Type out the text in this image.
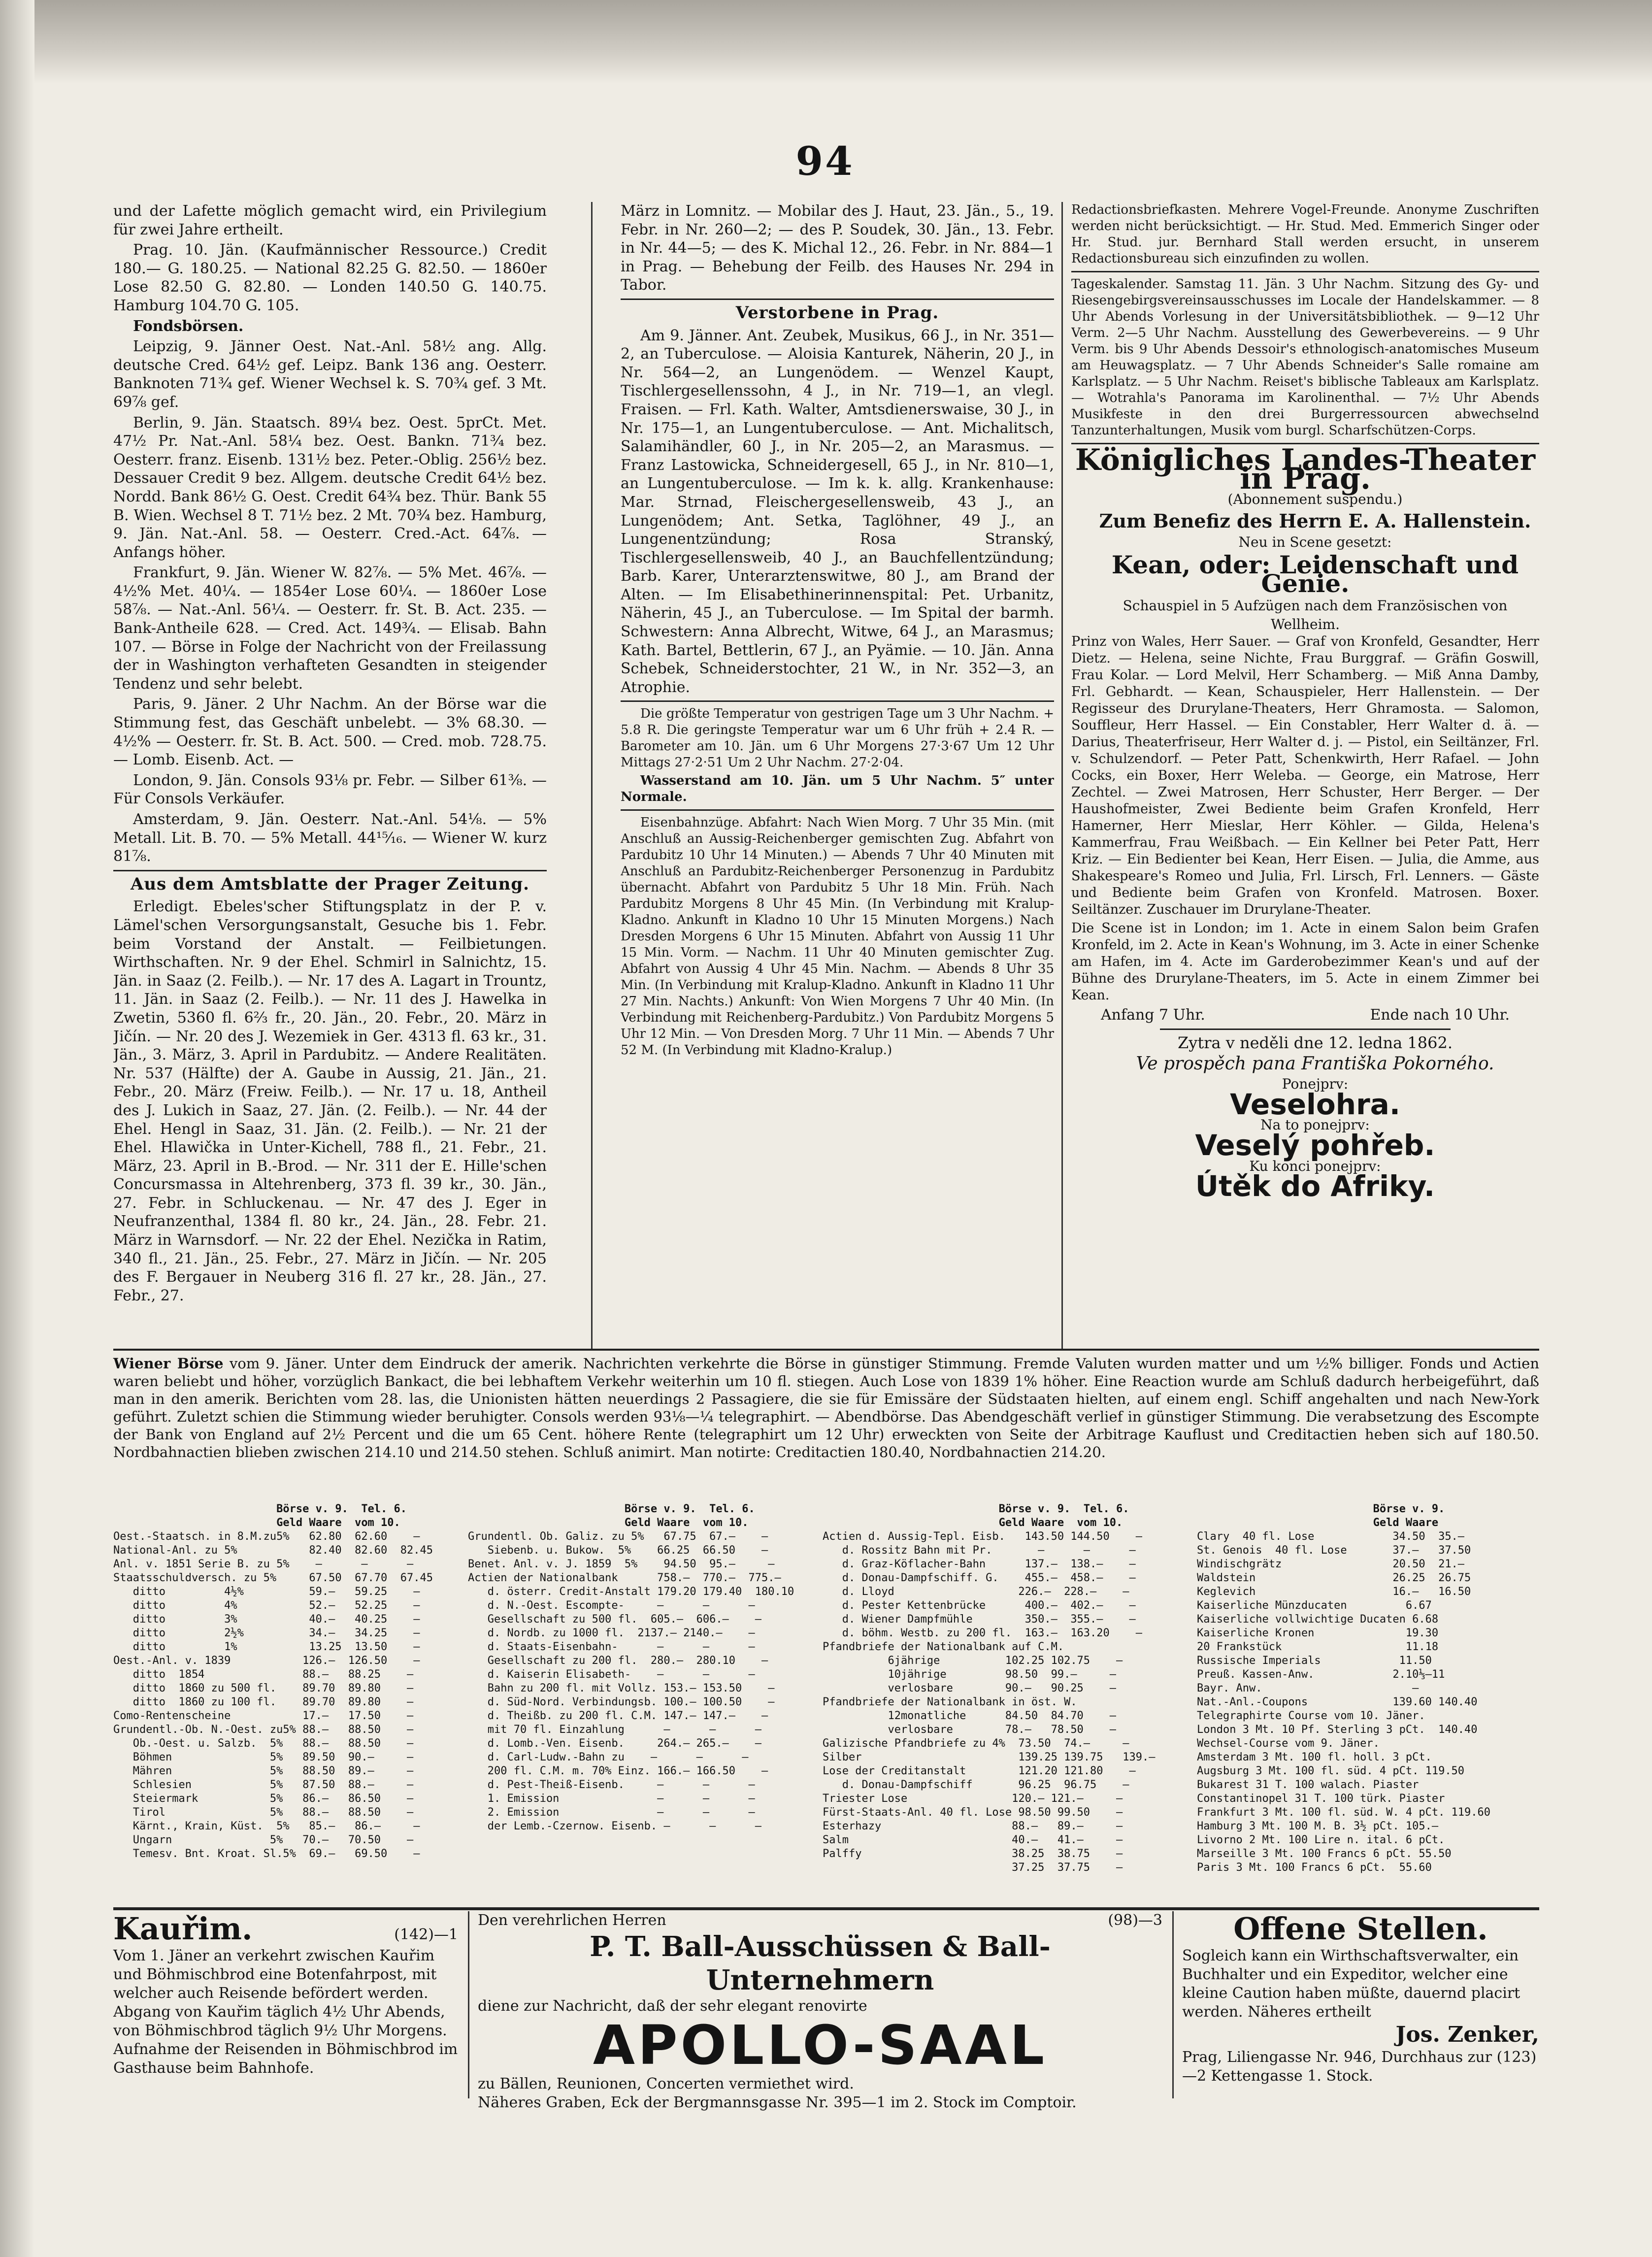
94

und der Lafette möglich gemacht wird, ein Privilegium für zwei Jahre ertheilt.

Prag. 10. Jän. (Kaufmännischer Ressource.) Credit 180.— G. 180.25. — National 82.25 G. 82.50. — 1860er Lose 82.50 G. 82.80. — Londen 140.50 G. 140.75. Hamburg 104.70 G. 105.

Fondsbörsen.

Leipzig, 9. Jänner Oest. Nat.-Anl. 58½ ang. Allg. deutsche Cred. 64½ gef. Leipz. Bank 136 ang. Oesterr. Banknoten 71¾ gef. Wiener Wechsel k. S. 70¾ gef. 3 Mt. 69⅞ gef.

Berlin, 9. Jän. Staatsch. 89¼ bez. Oest. 5prCt. Met. 47½ Pr. Nat.-Anl. 58¼ bez. Oest. Bankn. 71¾ bez. Oesterr. franz. Eisenb. 131½ bez. Peter.-Oblig. 256½ bez. Dessauer Credit 9 bez. Allgem. deutsche Credit 64½ bez. Nordd. Bank 86½ G. Oest. Credit 64¾ bez. Thür. Bank 55 B. Wien. Wechsel 8 T. 71½ bez. 2 Mt. 70¾ bez. Hamburg, 9. Jän. Nat.-Anl. 58. — Oesterr. Cred.-Act. 64⅞. — Anfangs höher.

Frankfurt, 9. Jän. Wiener W. 82⅞. — 5% Met. 46⅞. — 4½% Met. 40¼. — 1854er Lose 60¼. — 1860er Lose 58⅞. — Nat.-Anl. 56¼. — Oesterr. fr. St. B. Act. 235. — Bank-Antheile 628. — Cred. Act. 149¾. — Elisab. Bahn 107. — Börse in Folge der Nachricht von der Freilassung der in Washington verhafteten Gesandten in steigender Tendenz und sehr belebt.

Paris, 9. Jäner. 2 Uhr Nachm. An der Börse war die Stimmung fest, das Geschäft unbelebt. — 3% 68.30. — 4½% — Oesterr. fr. St. B. Act. 500. — Cred. mob. 728.75. — Lomb. Eisenb. Act. —

London, 9. Jän. Consols 93⅛ pr. Febr. — Silber 61⅜. — Für Consols Verkäufer.

Amsterdam, 9. Jän. Oesterr. Nat.-Anl. 54⅛. — 5% Metall. Lit. B. 70. — 5% Metall. 44¹⁵⁄₁₆. — Wiener W. kurz 81⅞.

Aus dem Amtsblatte der Prager Zeitung.

Erledigt. Ebeles'scher Stiftungsplatz in der P. v. Lämel'schen Versorgungsanstalt, Gesuche bis 1. Febr. beim Vorstand der Anstalt. — Feilbietungen. Wirthschaften. Nr. 9 der Ehel. Schmirl in Salnichtz, 15. Jän. in Saaz (2. Feilb.). — Nr. 17 des A. Lagart in Trountz, 11. Jän. in Saaz (2. Feilb.). — Nr. 11 des J. Hawelka in Zwetin, 5360 fl. 6⅔ fr., 20. Jän., 20. Febr., 20. März in Jičín. — Nr. 20 des J. Wezemiek in Ger. 4313 fl. 63 kr., 31. Jän., 3. März, 3. April in Pardubitz. — Andere Realitäten. Nr. 537 (Hälfte) der A. Gaube in Aussig, 21. Jän., 21. Febr., 20. März (Freiw. Feilb.). — Nr. 17 u. 18, Antheil des J. Lukich in Saaz, 27. Jän. (2. Feilb.). — Nr. 44 der Ehel. Hengl in Saaz, 31. Jän. (2. Feilb.). — Nr. 21 der Ehel. Hlawička in Unter-Kichell, 788 fl., 21. Febr., 21. März, 23. April in B.-Brod. — Nr. 311 der E. Hille'schen Concursmassa in Altehrenberg, 373 fl. 39 kr., 30. Jän., 27. Febr. in Schluckenau. — Nr. 47 des J. Eger in Neufranzenthal, 1384 fl. 80 kr., 24. Jän., 28. Febr. 21. März in Warnsdorf. — Nr. 22 der Ehel. Nezička in Ratim, 340 fl., 21. Jän., 25. Febr., 27. März in Jičín. — Nr. 205 des F. Bergauer in Neuberg 316 fl. 27 kr., 28. Jän., 27. Febr., 27.

März in Lomnitz. — Mobilar des J. Haut, 23. Jän., 5., 19. Febr. in Nr. 260—2; — des P. Soudek, 30. Jän., 13. Febr. in Nr. 44—5; — des K. Michal 12., 26. Febr. in Nr. 884—1 in Prag. — Behebung der Feilb. des Hauses Nr. 294 in Tabor.

Verstorbene in Prag.

Am 9. Jänner. Ant. Zeubek, Musikus, 66 J., in Nr. 351—2, an Tuberculose. — Aloisia Kanturek, Näherin, 20 J., in Nr. 564—2, an Lungenödem. — Wenzel Kaupt, Tischlergesellenssohn, 4 J., in Nr. 719—1, an vlegl. Fraisen. — Frl. Kath. Walter, Amtsdienerswaise, 30 J., in Nr. 175—1, an Lungentuberculose. — Ant. Michalitsch, Salamihändler, 60 J., in Nr. 205—2, an Marasmus. — Franz Lastowicka, Schneidergesell, 65 J., in Nr. 810—1, an Lungentuberculose. — Im k. k. allg. Krankenhause: Mar. Strnad, Fleischergesellensweib, 43 J., an Lungenödem; Ant. Setka, Taglöhner, 49 J., an Lungenentzündung; Rosa Stranský, Tischlergesellensweib, 40 J., an Bauchfellentzündung; Barb. Karer, Unterarztenswitwe, 80 J., am Brand der Alten. — Im Elisabethinerinnenspital: Pet. Urbanitz, Näherin, 45 J., an Tuberculose. — Im Spital der barmh. Schwestern: Anna Albrecht, Witwe, 64 J., an Marasmus; Kath. Bartel, Bettlerin, 67 J., an Pyämie. — 10. Jän. Anna Schebek, Schneiderstochter, 21 W., in Nr. 352—3, an Atrophie.

Die größte Temperatur von gestrigen Tage um 3 Uhr Nachm. + 5.8 R. Die geringste Temperatur war um 6 Uhr früh + 2.4 R. — Barometer am 10. Jän. um 6 Uhr Morgens 27·3·67 Um 12 Uhr Mittags 27·2·51 Um 2 Uhr Nachm. 27·2·04.

Wasserstand am 10. Jän. um 5 Uhr Nachm. 5″ unter Normale.

Eisenbahnzüge. Abfahrt: Nach Wien Morg. 7 Uhr 35 Min. (mit Anschluß an Aussig-Reichenberger gemischten Zug. Abfahrt von Pardubitz 10 Uhr 14 Minuten.) — Abends 7 Uhr 40 Minuten mit Anschluß an Pardubitz-Reichenberger Personenzug in Pardubitz übernacht. Abfahrt von Pardubitz 5 Uhr 18 Min. Früh. Nach Pardubitz Morgens 8 Uhr 45 Min. (In Verbindung mit Kralup-Kladno. Ankunft in Kladno 10 Uhr 15 Minuten Morgens.) Nach Dresden Morgens 6 Uhr 15 Minuten. Abfahrt von Aussig 11 Uhr 15 Min. Vorm. — Nachm. 11 Uhr 40 Minuten gemischter Zug. Abfahrt von Aussig 4 Uhr 45 Min. Nachm. — Abends 8 Uhr 35 Min. (In Verbindung mit Kralup-Kladno. Ankunft in Kladno 11 Uhr 27 Min. Nachts.) Ankunft: Von Wien Morgens 7 Uhr 40 Min. (In Verbindung mit Reichenberg-Pardubitz.) Von Pardubitz Morgens 5 Uhr 12 Min. — Von Dresden Morg. 7 Uhr 11 Min. — Abends 7 Uhr 52 M. (In Verbindung mit Kladno-Kralup.)

Redactionsbriefkasten. Mehrere Vogel-Freunde. Anonyme Zuschriften werden nicht berücksichtigt. — Hr. Stud. Med. Emmerich Singer oder Hr. Stud. jur. Bernhard Stall werden ersucht, in unserem Redactionsbureau sich einzufinden zu wollen.

Tageskalender. Samstag 11. Jän. 3 Uhr Nachm. Sitzung des Gy- und Riesengebirgsvereinsausschusses im Locale der Handelskammer. — 8 Uhr Abends Vorlesung in der Universitätsbibliothek. — 9—12 Uhr Verm. 2—5 Uhr Nachm. Ausstellung des Gewerbevereins. — 9 Uhr Verm. bis 9 Uhr Abends Dessoir's ethnologisch-anatomisches Museum am Heuwagsplatz. — 7 Uhr Abends Schneider's Salle romaine am Karlsplatz. — 5 Uhr Nachm. Reiset's biblische Tableaux am Karlsplatz. — Wotrahla's Panorama im Karolinenthal. — 7½ Uhr Abends Musikfeste in den drei Burgerressourcen abwechselnd Tanzunterhaltungen, Musik vom burgl. Scharfschützen-Corps.

Königliches Landes-Theater in Prag.

(Abonnement suspendu.)

Zum Benefiz des Herrn E. A. Hallenstein.

Neu in Scene gesetzt:

Kean, oder: Leidenschaft und Genie.

Schauspiel in 5 Aufzügen nach dem Französischen von Wellheim.

Prinz von Wales, Herr Sauer. — Graf von Kronfeld, Gesandter, Herr Dietz. — Helena, seine Nichte, Frau Burggraf. — Gräfin Goswill, Frau Kolar. — Lord Melvil, Herr Schamberg. — Miß Anna Damby, Frl. Gebhardt. — Kean, Schauspieler, Herr Hallenstein. — Der Regisseur des Drurylane-Theaters, Herr Ghramosta. — Salomon, Souffleur, Herr Hassel. — Ein Constabler, Herr Walter d. ä. — Darius, Theaterfriseur, Herr Walter d. j. — Pistol, ein Seiltänzer, Frl. v. Schulzendorf. — Peter Patt, Schenkwirth, Herr Rafael. — John Cocks, ein Boxer, Herr Weleba. — George, ein Matrose, Herr Zechtel. — Zwei Matrosen, Herr Schuster, Herr Berger. — Der Haushofmeister, Zwei Bediente beim Grafen Kronfeld, Herr Hamerner, Herr Mieslar, Herr Köhler. — Gilda, Helena's Kammerfrau, Frau Weißbach. — Ein Kellner bei Peter Patt, Herr Kriz. — Ein Bedienter bei Kean, Herr Eisen. — Julia, die Amme, aus Shakespeare's Romeo und Julia, Frl. Lirsch, Frl. Lenners. — Gäste und Bediente beim Grafen von Kronfeld. Matrosen. Boxer. Seiltänzer. Zuschauer im Drurylane-Theater.

Die Scene ist in London; im 1. Acte in einem Salon beim Grafen Kronfeld, im 2. Acte in Kean's Wohnung, im 3. Acte in einer Schenke am Hafen, im 4. Acte im Garderobezimmer Kean's und auf der Bühne des Drurylane-Theaters, im 5. Acte in einem Zimmer bei Kean.

Anfang 7 Uhr.	Ende nach 10 Uhr.

Zytra v neděli dne 12. ledna 1862.

Ve prospěch pana Františka Pokorného.

Ponejprv:

Veselohra.

Na to ponejprv:

Veselý pohřeb.

Ku konci ponejprv:

Útěk do Afriky.

Wiener Börse vom 9. Jäner. Unter dem Eindruck der amerik. Nachrichten verkehrte die Börse in günstiger Stimmung. Fremde Valuten wurden matter und um ½% billiger. Fonds und Actien waren beliebt und höher, vorzüglich Bankact, die bei lebhaftem Verkehr weiterhin um 10 fl. stiegen. Auch Lose von 1839 1% höher. Eine Reaction wurde am Schluß dadurch herbeigeführt, daß man in den amerik. Berichten vom 28. las, die Unionisten hätten neuerdings 2 Passagiere, die sie für Emissäre der Südstaaten hielten, auf einem engl. Schiff angehalten und nach New-York geführt. Zuletzt schien die Stimmung wieder beruhigter. Consols werden 93⅛—¼ telegraphirt. — Abendbörse. Das Abendgeschäft verlief in günstiger Stimmung. Die verabsetzung des Escompte der Bank von England auf 2½ Percent und die um 65 Cent. höhere Rente (telegraphirt um 12 Uhr) erweckten von Seite der Arbitrage Kauflust und Creditactien heben sich auf 180.50. Nordbahnactien blieben zwischen 214.10 und 214.50 stehen. Schluß animirt. Man notirte: Creditactien 180.40, Nordbahnactien 214.20.

Börse v. 9.  Tel. 6.
Geld Waare  vom 10.
Oest.-Staatsch. in 8.M.zu5%   62.80  62.60    —
National-Anl. zu 5%           82.40  82.60  82.45
Anl. v. 1851 Serie B. zu 5%    —      —      —
Staatsschuldversch. zu 5%     67.50  67.70  67.45
ditto         4½%          59.—   59.25    —
ditto         4%           52.—   52.25    —
ditto         3%           40.—   40.25    —
ditto         2½%          34.—   34.25    —
ditto         1%           13.25  13.50    —
Oest.-Anl. v. 1839           126.—  126.50    —
ditto  1854               88.—   88.25    —
ditto  1860 zu 500 fl.    89.70  89.80    —
ditto  1860 zu 100 fl.    89.70  89.80    —
Como-Rentenscheine           17.—   17.50    —
Grundentl.-Ob. N.-Oest. zu5% 88.—   88.50    —
Ob.-Oest. u. Salzb.  5%   88.—   88.50    —
Böhmen               5%   89.50  90.—     —
Mähren               5%   88.50  89.—     —
Schlesien            5%   87.50  88.—     —
Steiermark           5%   86.—   86.50    —
Tirol                5%   88.—   88.50    —
Kärnt., Krain, Küst.  5%   85.—   86.—     —
Ungarn               5%   70.—   70.50    —
Temesv. Bnt. Kroat. Sl.5%  69.—   69.50    —
Börse v. 9.  Tel. 6.
Geld Waare  vom 10.
Grundentl. Ob. Galiz. zu 5%   67.75  67.—    —
Siebenb. u. Bukow.  5%    66.25  66.50    —
Benet. Anl. v. J. 1859  5%    94.50  95.—     —
Actien der Nationalbank      758.—  770.—  775.—
d. österr. Credit-Anstalt 179.20 179.40  180.10
d. N.-Oest. Escompte-     —      —      —
Gesellschaft zu 500 fl.  605.—  606.—    —
d. Nordb. zu 1000 fl.  2137.— 2140.—    —
d. Staats-Eisenbahn-      —      —      —
Gesellschaft zu 200 fl.  280.—  280.10    —
d. Kaiserin Elisabeth-    —      —      —
Bahn zu 200 fl. mit Vollz. 153.— 153.50    —
d. Süd-Nord. Verbindungsb. 100.— 100.50    —
d. Theißb. zu 200 fl. C.M. 147.— 147.—    —
mit 70 fl. Einzahlung      —      —      —
d. Lomb.-Ven. Eisenb.     264.— 265.—    —
d. Carl-Ludw.-Bahn zu    —      —      —
200 fl. C.M. m. 70% Einz. 166.— 166.50    —
d. Pest-Theiß-Eisenb.     —      —      —
1. Emission               —      —      —
2. Emission               —      —      —
der Lemb.-Czernow. Eisenb. —      —      —
Börse v. 9.  Tel. 6.
Geld Waare  vom 10.
Actien d. Aussig-Tepl. Eisb.   143.50 144.50    —
d. Rossitz Bahn mit Pr.       —      —      —
d. Graz-Köflacher-Bahn      137.—  138.—    —
d. Donau-Dampfschiff. G.    455.—  458.—    —
d. Lloyd                   226.—  228.—    —
d. Pester Kettenbrücke      400.—  402.—    —
d. Wiener Dampfmühle        350.—  355.—    —
d. böhm. Westb. zu 200 fl.  163.—  163.20    —
Pfandbriefe der Nationalbank auf C.M.
6jährige          102.25 102.75    —
10jährige         98.50  99.—     —
verlosbare        90.—   90.25    —
Pfandbriefe der Nationalbank in öst. W.
12monatliche      84.50  84.70    —
verlosbare        78.—   78.50    —
Galizische Pfandbriefe zu 4%  73.50  74.—     —
Silber                        139.25 139.75   139.—
Lose der Creditanstalt        121.20 121.80    —
d. Donau-Dampfschiff       96.25  96.75    —
Triester Lose                120.— 121.—     —
Fürst-Staats-Anl. 40 fl. Lose 98.50 99.50    —
Esterhazy                    88.—   89.—     —
Salm                         40.—   41.—     —
Palffy                       38.25  38.75    —
37.25  37.75    —
Börse v. 9.
Geld Waare
Clary  40 fl. Lose            34.50  35.—
St. Genois  40 fl. Lose       37.—   37.50
Windischgrätz                 20.50  21.—
Waldstein                     26.25  26.75
Keglevich                     16.—   16.50
Kaiserliche Münzducaten         6.67
Kaiserliche vollwichtige Ducaten 6.68
Kaiserliche Kronen              19.30
20 Frankstück                   11.18
Russische Imperials            11.50
Preuß. Kassen-Anw.            2.10⅓—11
Bayr. Anw.                       —
Nat.-Anl.-Coupons             139.60 140.40
Telegraphirte Course vom 10. Jäner.
London 3 Mt. 10 Pf. Sterling 3 pCt.  140.40
Wechsel-Course vom 9. Jäner.
Amsterdam 3 Mt. 100 fl. holl. 3 pCt.
Augsburg 3 Mt. 100 fl. süd. 4 pCt. 119.50
Bukarest 31 T. 100 walach. Piaster
Constantinopel 31 T. 100 türk. Piaster
Frankfurt 3 Mt. 100 fl. süd. W. 4 pCt. 119.60
Hamburg 3 Mt. 100 M. B. 3½ pCt. 105.—
Livorno 2 Mt. 100 Lire n. ital. 6 pCt.
Marseille 3 Mt. 100 Francs 6 pCt. 55.50
Paris 3 Mt. 100 Francs 6 pCt.  55.60
Kauřim.	(142)—1

Vom 1. Jäner an verkehrt zwischen Kauřim und Böhmischbrod eine Botenfahrpost, mit welcher auch Reisende befördert werden. Abgang von Kauřim täglich 4½ Uhr Abends, von Böhmischbrod täglich 9½ Uhr Morgens. Aufnahme der Reisenden in Böhmischbrod im Gasthause beim Bahnhofe.

Den verehrlichen Herren	(98)—3

P. T. Ball-Ausschüssen & Ball-Unternehmern

diene zur Nachricht, daß der sehr elegant renovirte

APOLLO-SAAL

zu Bällen, Reunionen, Concerten vermiethet wird.

Näheres Graben, Eck der Bergmannsgasse Nr. 395—1 im 2. Stock im Comptoir.

Offene Stellen.

Sogleich kann ein Wirthschaftsverwalter, ein Buchhalter und ein Expeditor, welcher eine kleine Caution haben müßte, dauernd placirt werden. Näheres ertheilt

Jos. Zenker,

Prag, Liliengasse Nr. 946, Durchhaus zur (123)—2 Kettengasse 1. Stock.
